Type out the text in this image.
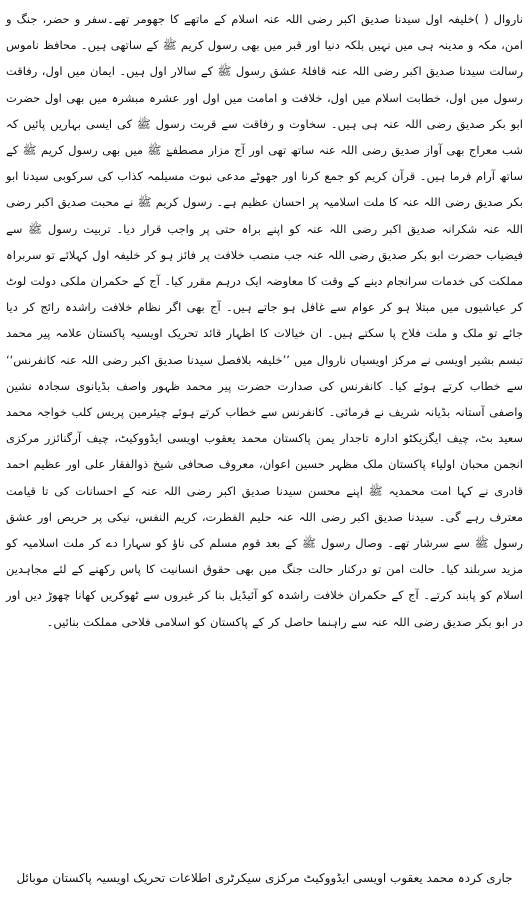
ناروال ( )خلیفہ اول سیدنا صدیق اکبر رضی اللہ عنہ اسلام کے ماتھے کا جھومر تھے۔سفر و حضر، جنگ و امن، مکہ و مدینہ ہی میں نہیں بلکہ دنیا اور قبر میں بھی رسول کریم ﷺ کے ساتھی ہیں۔ محافظ ناموس رسالت سیدنا صدیق اکبر رضی اللہ عنہ قافلۂ عشق رسول ﷺ کے سالار اول ہیں۔ ایمان میں اول، رفاقت رسول میں اول، خطابت اسلام میں اول، خلافت و امامت میں اول اور عشرہ مبشرہ میں بھی اول حضرت ابو بکر صدیق رضی اللہ عنہ ہی ہیں۔ سخاوت و رفاقت سے قربت رسول ﷺ کی ایسی بہاریں پائیں کہ شب معراج بھی آواز صدیق رضی اللہ عنہ ساتھ تھی اور آج مزار مصطفےٰ ﷺ میں بھی رسول کریم ﷺ کے ساتھ آرام فرما ہیں۔ قرآن کریم کو جمع کرنا اور جھوٹے مدعی نبوت مسیلمہ کذاب کی سرکوبی سیدنا ابو بکر صدیق رضی اللہ عنہ کا ملت اسلامیہ پر احسان عظیم ہے۔ رسول کریم ﷺ نے محبت صدیق اکبر رضی اللہ عنہ شکرانہ صدیق اکبر رضی اللہ عنہ کو اپنے براہ حتی پر واجب قرار دیا۔ تربیت رسول ﷺ سے فیضیاب حضرت ابو بکر صدیق رضی اللہ عنہ جب منصب خلافت پر فائز ہو کر خلیفہ اول کہلائے تو سربراہ مملکت کی خدمات سرانجام دینے کے وقت کا معاوضہ ایک درہم مقرر کیا۔ آج کے حکمران ملکی دولت لوٹ کر عیاشیوں میں مبتلا ہو کر عوام سے غافل ہو جاتے ہیں۔ آج بھی اگر نظام خلافت راشدہ رائج کر دیا جائے تو ملک و ملت فلاح پا سکتے ہیں۔ ان خیالات کا اظہار قائد تحریک اویسیہ پاکستان علامہ پیر محمد تبسم بشیر اویسی نے مرکز اویسیاں ناروال میں ’’خلیفہ بلافصل سیدنا صدیق اکبر رضی اللہ عنہ کانفرنس‘‘ سے خطاب کرتے ہوئے کیا۔ کانفرنس کی صدارت حضرت پیر محمد ظہور واصف بڈیانوی سجادہ نشین واصفی آستانہ بڈیانہ شریف نے فرمائی۔ کانفرنس سے خطاب کرتے ہوئے چیئرمین پریس کلب خواجہ محمد سعید بٹ، چیف ایگزیکٹو ادارہ تاجدار یمن پاکستان محمد یعقوب اویسی ایڈووکیٹ، چیف آرگنائزر مرکزی انجمن محبان اولیاء پاکستان ملک مظہر حسین اعوان، معروف صحافی شیخ ذوالفقار علی اور عظیم احمد قادری نے کہا امت محمدیہ ﷺ اپنے محسن سیدنا صدیق اکبر رضی اللہ عنہ کے احسانات کی تا قیامت معترف رہے گی۔ سیدنا صدیق اکبر رضی اللہ عنہ حلیم الفطرت، کریم النفس، نیکی پر حریص اور عشق رسول ﷺ سے سرشار تھے۔ وصال رسول ﷺ کے بعد قوم مسلم کی ناؤ کو سہارا دے کر ملت اسلامیہ کو مزید سربلند کیا۔ حالت امن تو درکنار حالت جنگ میں بھی حقوق انسانیت کا پاس رکھنے کے لئے مجاہدین اسلام کو پابند کرتے۔ آج کے حکمران خلافت راشدہ کو آئیڈیل بنا کر غیروں سے ٹھوکریں کھانا چھوڑ دیں اور در ابو بکر صدیق رضی اللہ عنہ سے راہنما حاصل کر کے پاکستان کو اسلامی فلاحی مملکت بنائیں۔

جاری کردہ محمد یعقوب اویسی ایڈووکیٹ مرکزی سیکرٹری اطلاعات تحریک اویسیہ پاکستان موبائل
